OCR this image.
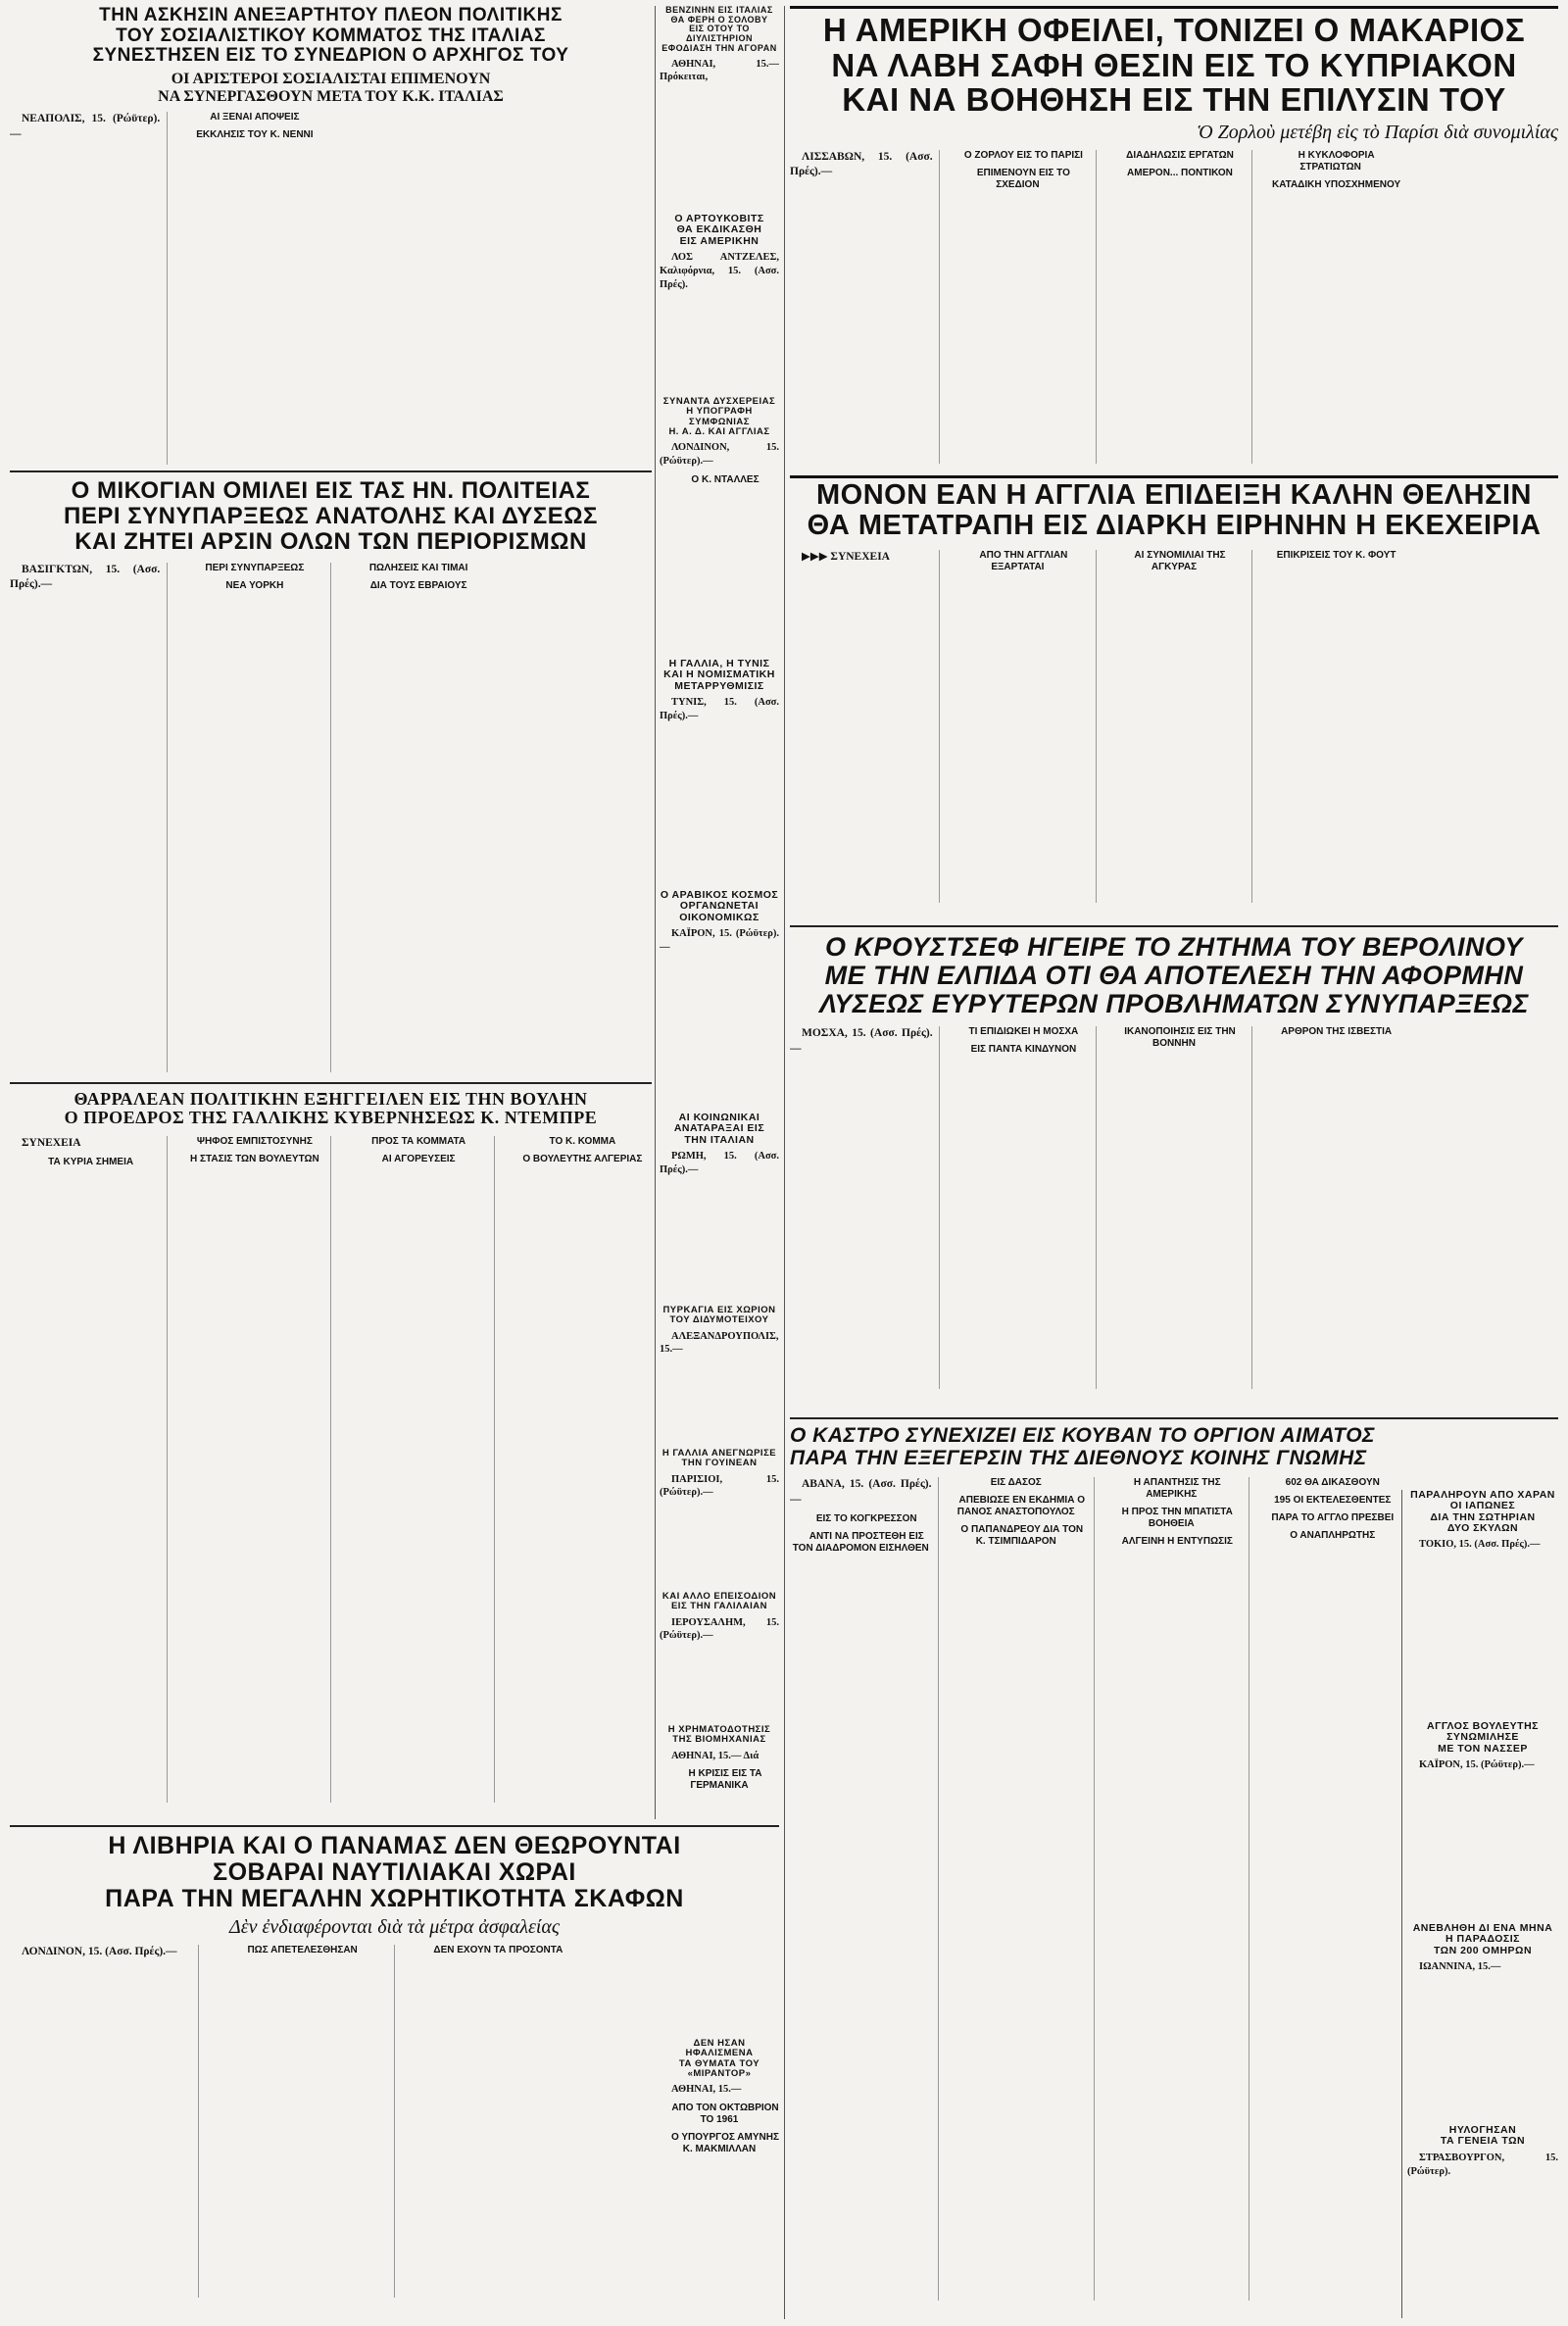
ΤΗΝ ΑΣΚΗΣΙΝ ΑΝΕΞΑΡΤΗΤΟΥ ΠΛΕΟΝ ΠΟΛΙΤΙΚΗΣ
ΤΟΥ ΣΟΣΙΑΛΙΣΤΙΚΟΥ ΚΟΜΜΑΤΟΣ ΤΗΣ ΙΤΑΛΙΑΣ
ΣΥΝΕΣΤΗΣΕΝ ΕΙΣ ΤΟ ΣΥΝΕΔΡΙΟΝ Ο ΑΡΧΗΓΟΣ ΤΟΥ
ΟΙ ΑΡΙΣΤΕΡΟΙ ΣΟΣΙΑΛΙΣΤΑΙ ΕΠΙΜΕΝΟΥΝ
ΝΑ ΣΥΝΕΡΓΑΣΘΟΥΝ ΜΕΤΑ ΤΟΥ Κ.Κ. ΙΤΑΛΙΑΣ

ΝΕΑΠΟΛΙΣ, 15. (Ρώϋτερ).—

ΑΙ ΞΕΝΑΙ ΑΠΟΨΕΙΣ

ΕΚΚΛΗΣΙΣ ΤΟΥ Κ. ΝΕΝΝΙ

Ο ΜΙΚΟΓΙΑΝ ΟΜΙΛΕΙ ΕΙΣ ΤΑΣ ΗΝ. ΠΟΛΙΤΕΙΑΣ
ΠΕΡΙ ΣΥΝΥΠΑΡΞΕΩΣ ΑΝΑΤΟΛΗΣ ΚΑΙ ΔΥΣΕΩΣ
ΚΑΙ ΖΗΤΕΙ ΑΡΣΙΝ ΟΛΩΝ ΤΩΝ ΠΕΡΙΟΡΙΣΜΩΝ

ΒΑΣΙΓΚΤΩΝ, 15. (Ασσ. Πρές).—

ΠΕΡΙ ΣΥΝΥΠΑΡΞΕΩΣ

ΝΕΑ ΥΟΡΚΗ

ΠΩΛΗΣΕΙΣ ΚΑΙ ΤΙΜΑΙ

ΔΙΑ ΤΟΥΣ ΕΒΡΑΙΟΥΣ

ΘΑΡΡΑΛΕΑΝ ΠΟΛΙΤΙΚΗΝ ΕΞΗΓΓΕΙΛΕΝ ΕΙΣ ΤΗΝ ΒΟΥΛΗΝ
Ο ΠΡΟΕΔΡΟΣ ΤΗΣ ΓΑΛΛΙΚΗΣ ΚΥΒΕΡΝΗΣΕΩΣ Κ. ΝΤΕΜΠΡΕ

ΣΥΝΕΧΕΙΑ

ΤΑ ΚΥΡΙΑ ΣΗΜΕΙΑ

ΨΗΦΟΣ ΕΜΠΙΣΤΟΣΥΝΗΣ

Η ΣΤΑΣΙΣ ΤΩΝ ΒΟΥΛΕΥΤΩΝ

ΠΡΟΣ ΤΑ ΚΟΜΜΑΤΑ

ΑΙ ΑΓΟΡΕΥΣΕΙΣ

ΤΟ Κ. ΚΟΜΜΑ

Ο ΒΟΥΛΕΥΤΗΣ ΑΛΓΕΡΙΑΣ

Η ΛΙΒΗΡΙΑ ΚΑΙ Ο ΠΑΝΑΜΑΣ ΔΕΝ ΘΕΩΡΟΥΝΤΑΙ
ΣΟΒΑΡΑΙ ΝΑΥΤΙΛΙΑΚΑΙ ΧΩΡΑΙ
ΠΑΡΑ ΤΗΝ ΜΕΓΑΛΗΝ ΧΩΡΗΤΙΚΟΤΗΤΑ ΣΚΑΦΩΝ
Δὲν ἐνδιαφέρονται διὰ τὰ μέτρα ἀσφαλείας

ΛΟΝΔΙΝΟΝ, 15. (Ασσ. Πρές).—	ΠΩΣ ΑΠΕΤΕΛΕΣΘΗΣΑΝ	ΔΕΝ ΕΧΟΥΝ ΤΑ ΠΡΟΣΟΝΤΑ

ΒΕΝΖΙΝΗΝ ΕΙΣ ΙΤΑΛΙΑΣ
ΘΑ ΦΕΡΗ Ο ΣΟΛΟΒΥ
ΕΙΣ ΟΤΟΥ ΤΟ ΔΙΥΛΙΣΤΗΡΙΟΝ
ΕΦΟΔΙΑΣΗ ΤΗΝ ΑΓΟΡΑΝ

ΑΘΗΝΑΙ, 15.— Πρόκειται,

Ο ΑΡΤΟΥΚΟΒΙΤΣ
ΘΑ ΕΚΔΙΚΑΣΘΗ
ΕΙΣ ΑΜΕΡΙΚΗΝ

ΛΟΣ ΑΝΤΖΕΛΕΣ, Καλιφόρνια, 15. (Ασσ. Πρές).

ΣΥΝΑΝΤΑ ΔΥΣΧΕΡΕΙΑΣ
Η ΥΠΟΓΡΑΦΗ ΣΥΜΦΩΝΙΑΣ
Η. Α. Δ. ΚΑΙ ΑΓΓΛΙΑΣ

ΛΟΝΔΙΝΟΝ, 15. (Ρώϋτερ).—

Ο Κ. ΝΤΑΛΛΕΣ

Η ΓΑΛΛΙΑ, Η ΤΥΝΙΣ
ΚΑΙ Η ΝΟΜΙΣΜΑΤΙΚΗ
ΜΕΤΑΡΡΥΘΜΙΣΙΣ

ΤΥΝΙΣ, 15. (Ασσ. Πρές).—

Ο ΑΡΑΒΙΚΟΣ ΚΟΣΜΟΣ
ΟΡΓΑΝΩΝΕΤΑΙ
ΟΙΚΟΝΟΜΙΚΩΣ

ΚΑΪΡΟΝ, 15. (Ρώϋτερ).—

ΑΙ ΚΟΙΝΩΝΙΚΑΙ
ΑΝΑΤΑΡΑΞΑΙ ΕΙΣ
ΤΗΝ ΙΤΑΛΙΑΝ

ΡΩΜΗ, 15. (Ασσ. Πρές).—

ΠΥΡΚΑΓΙΑ ΕΙΣ ΧΩΡΙΟΝ
ΤΟΥ ΔΙΔΥΜΟΤΕΙΧΟΥ

ΑΛΕΞΑΝΔΡΟΥΠΟΛΙΣ, 15.—

Η ΓΑΛΛΙΑ ΑΝΕΓΝΩΡΙΣΕ
ΤΗΝ ΓΟΥΙΝΕΑΝ

ΠΑΡΙΣΙΟΙ, 15. (Ρώϋτερ).—

ΚΑΙ ΑΛΛΟ ΕΠΕΙΣΟΔΙΟΝ
ΕΙΣ ΤΗΝ ΓΑΛΙΛΑΙΑΝ

ΙΕΡΟΥΣΑΛΗΜ, 15. (Ρώϋτερ).—

Η ΧΡΗΜΑΤΟΔΟΤΗΣΙΣ
ΤΗΣ ΒΙΟΜΗΧΑΝΙΑΣ

ΑΘΗΝΑΙ, 15.— Διά

Η ΚΡΙΣΙΣ ΕΙΣ ΤΑ ΓΕΡΜΑΝΙΚΑ

ΔΕΝ ΗΣΑΝ ΗΦΑΛΙΣΜΕΝΑ
ΤΑ ΘΥΜΑΤΑ ΤΟΥ «ΜΙΡΑΝΤΟΡ»

ΑΘΗΝΑΙ, 15.—

ΑΠΟ ΤΟΝ ΟΚΤΩΒΡΙΟΝ ΤΟ 1961

Ο ΥΠΟΥΡΓΟΣ ΑΜΥΝΗΣ Κ. ΜΑΚΜΙΛΛΑΝ

Η ΑΜΕΡΙΚΗ ΟΦΕΙΛΕΙ, ΤΟΝΙΖΕΙ Ο ΜΑΚΑΡΙΟΣ
ΝΑ ΛΑΒΗ ΣΑΦΗ ΘΕΣΙΝ ΕΙΣ ΤΟ ΚΥΠΡΙΑΚΟΝ
ΚΑΙ ΝΑ ΒΟΗΘΗΣΗ ΕΙΣ ΤΗΝ ΕΠΙΛΥΣΙΝ ΤΟΥ
Ὁ Ζορλοὺ μετέβη εἰς τὸ Παρίσι διὰ συνομιλίας

ΛΙΣΣΑΒΩΝ, 15. (Ασσ. Πρές).—

Ο ΖΟΡΛΟΥ ΕΙΣ ΤΟ ΠΑΡΙΣΙ

ΕΠΙΜΕΝΟΥΝ ΕΙΣ ΤΟ ΣΧΕΔΙΟΝ

ΔΙΑΔΗΛΩΣΙΣ ΕΡΓΑΤΩΝ

ΑΜΕΡΟΝ... ΠΟΝΤΙΚΟΝ

Η ΚΥΚΛΟΦΟΡΙΑ ΣΤΡΑΤΙΩΤΩΝ

ΚΑΤΑΔΙΚΗ ΥΠΟΣΧΗΜΕΝΟΥ

ΜΟΝΟΝ ΕΑΝ Η ΑΓΓΛΙΑ ΕΠΙΔΕΙΞΗ ΚΑΛΗΝ ΘΕΛΗΣΙΝ
ΘΑ ΜΕΤΑΤΡΑΠΗ ΕΙΣ ΔΙΑΡΚΗ ΕΙΡΗΝΗΝ Η ΕΚΕΧΕΙΡΙΑ

▶▶▶ ΣΥΝΕΧΕΙΑ	ΑΠΟ ΤΗΝ ΑΓΓΛΙΑΝ ΕΞΑΡΤΑΤΑΙ

ΑΙ ΣΥΝΟΜΙΛΙΑΙ ΤΗΣ ΑΓΚΥΡΑΣ

ΕΠΙΚΡΙΣΕΙΣ ΤΟΥ Κ. ΦΟΥΤ

Ο ΚΡΟΥΣΤΣΕΦ ΗΓΕΙΡΕ ΤΟ ΖΗΤΗΜΑ ΤΟΥ ΒΕΡΟΛΙΝΟΥ
ΜΕ ΤΗΝ ΕΛΠΙΔΑ ΟΤΙ ΘΑ ΑΠΟΤΕΛΕΣΗ ΤΗΝ ΑΦΟΡΜΗΝ
ΛΥΣΕΩΣ ΕΥΡΥΤΕΡΩΝ ΠΡΟΒΛΗΜΑΤΩΝ ΣΥΝΥΠΑΡΞΕΩΣ

ΜΟΣΧΑ, 15. (Ασσ. Πρές).—

ΤΙ ΕΠΙΔΙΩΚΕΙ Η ΜΟΣΧΑ

ΕΙΣ ΠΑΝΤΑ ΚΙΝΔΥΝΟΝ

ΙΚΑΝΟΠΟΙΗΣΙΣ ΕΙΣ ΤΗΝ ΒΟΝΝΗΝ

ΑΡΘΡΟΝ ΤΗΣ ΙΣΒΕΣΤΙΑ

Ο ΚΑΣΤΡΟ ΣΥΝΕΧΙΖΕΙ ΕΙΣ ΚΟΥΒΑΝ ΤΟ ΟΡΓΙΟΝ ΑΙΜΑΤΟΣ
ΠΑΡΑ ΤΗΝ ΕΞΕΓΕΡΣΙΝ ΤΗΣ ΔΙΕΘΝΟΥΣ ΚΟΙΝΗΣ ΓΝΩΜΗΣ

ΑΒΑΝΑ, 15. (Ασσ. Πρές).—

ΕΙΣ ΤΟ ΚΟΓΚΡΕΣΣΟΝ

ΑΝΤΙ ΝΑ ΠΡΟΣΤΕΘΗ ΕΙΣ ΤΟΝ ΔΙΑΔΡΟΜΟΝ ΕΙΣΗΛΘΕΝ ΕΙΣ ΔΑΣΟΣ

ΑΠΕΒΙΩΣΕ ΕΝ ΕΚΔΗΜΙΑ Ο ΠΑΝΟΣ ΑΝΑΣΤΟΠΟΥΛΟΣ

Ο ΠΑΠΑΝΔΡΕΟΥ ΔΙΑ ΤΟΝ Κ. ΤΣΙΜΠΙΔΑΡΟΝ

Η ΑΠΑΝΤΗΣΙΣ ΤΗΣ ΑΜΕΡΙΚΗΣ

Η ΠΡΟΣ ΤΗΝ ΜΠΑΤΙΣΤΑ ΒΟΗΘΕΙΑ

ΑΛΓΕΙΝΗ Η ΕΝΤΥΠΩΣΙΣ

602 ΘΑ ΔΙΚΑΣΘΟΥΝ

195 ΟΙ ΕΚΤΕΛΕΣΘΕΝΤΕΣ

ΠΑΡΑ ΤΟ ΑΓΓΛΟ ΠΡΕΣΒΕΙ

Ο ΑΝΑΠΛΗΡΩΤΗΣ

ΠΑΡΑΛΗΡΟΥΝ ΑΠΟ ΧΑΡΑΝ
ΟΙ ΙΑΠΩΝΕΣ
ΔΙΑ ΤΗΝ ΣΩΤΗΡΙΑΝ
ΔΥΟ ΣΚΥΛΩΝ

ΤΟΚΙΟ, 15. (Ασσ. Πρές).—

ΑΓΓΛΟΣ ΒΟΥΛΕΥΤΗΣ
ΣΥΝΩΜΙΛΗΣΕ
ΜΕ ΤΟΝ ΝΑΣΣΕΡ

ΚΑΪΡΟΝ, 15. (Ρώϋτερ).—

ΑΝΕΒΛΗΘΗ ΔΙ ΕΝΑ ΜΗΝΑ
Η ΠΑΡΑΔΟΣΙΣ
ΤΩΝ 200 ΟΜΗΡΩΝ

ΙΩΑΝΝΙΝΑ, 15.—

ΗΥΛΟΓΗΣΑΝ
ΤΑ ΓΕΝΕΙΑ ΤΩΝ

ΣΤΡΑΣΒΟΥΡΓΟΝ, 15. (Ρώϋτερ).
